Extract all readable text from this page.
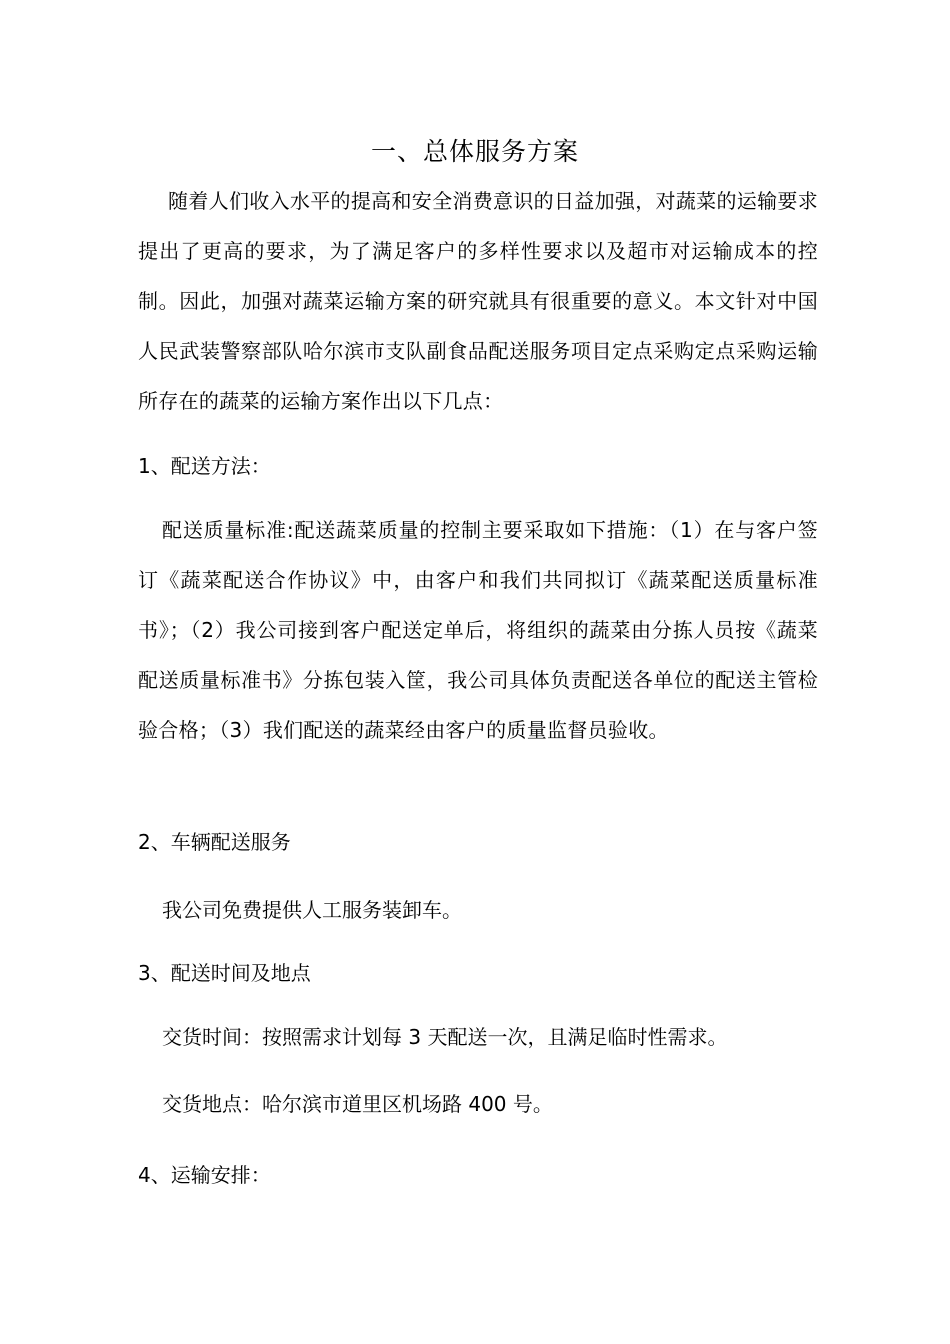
一、总体服务方案
随着人们收入水平的提高和安全消费意识的日益加强，对蔬菜的运输要求提出了更高的要求，为了满足客户的多样性要求以及超市对运输成本的控制。因此，加强对蔬菜运输方案的研究就具有很重要的意义。本文针对中国人民武装警察部队哈尔滨市支队副食品配送服务项目定点采购定点采购运输所存在的蔬菜的运输方案作出以下几点：
1、配送方法：
配送质量标准:配送蔬菜质量的控制主要采取如下措施：（1）在与客户签订《蔬菜配送合作协议》中，由客户和我们共同拟订《蔬菜配送质量标准书》；（2）我公司接到客户配送定单后，将组织的蔬菜由分拣人员按《蔬菜配送质量标准书》分拣包装入筐，我公司具体负责配送各单位的配送主管检验合格；（3）我们配送的蔬菜经由客户的质量监督员验收。
2、车辆配送服务
我公司免费提供人工服务装卸车。
3、配送时间及地点
交货时间：按照需求计划每 3 天配送一次，且满足临时性需求。
交货地点：哈尔滨市道里区机场路 400 号。
4、运输安排：
